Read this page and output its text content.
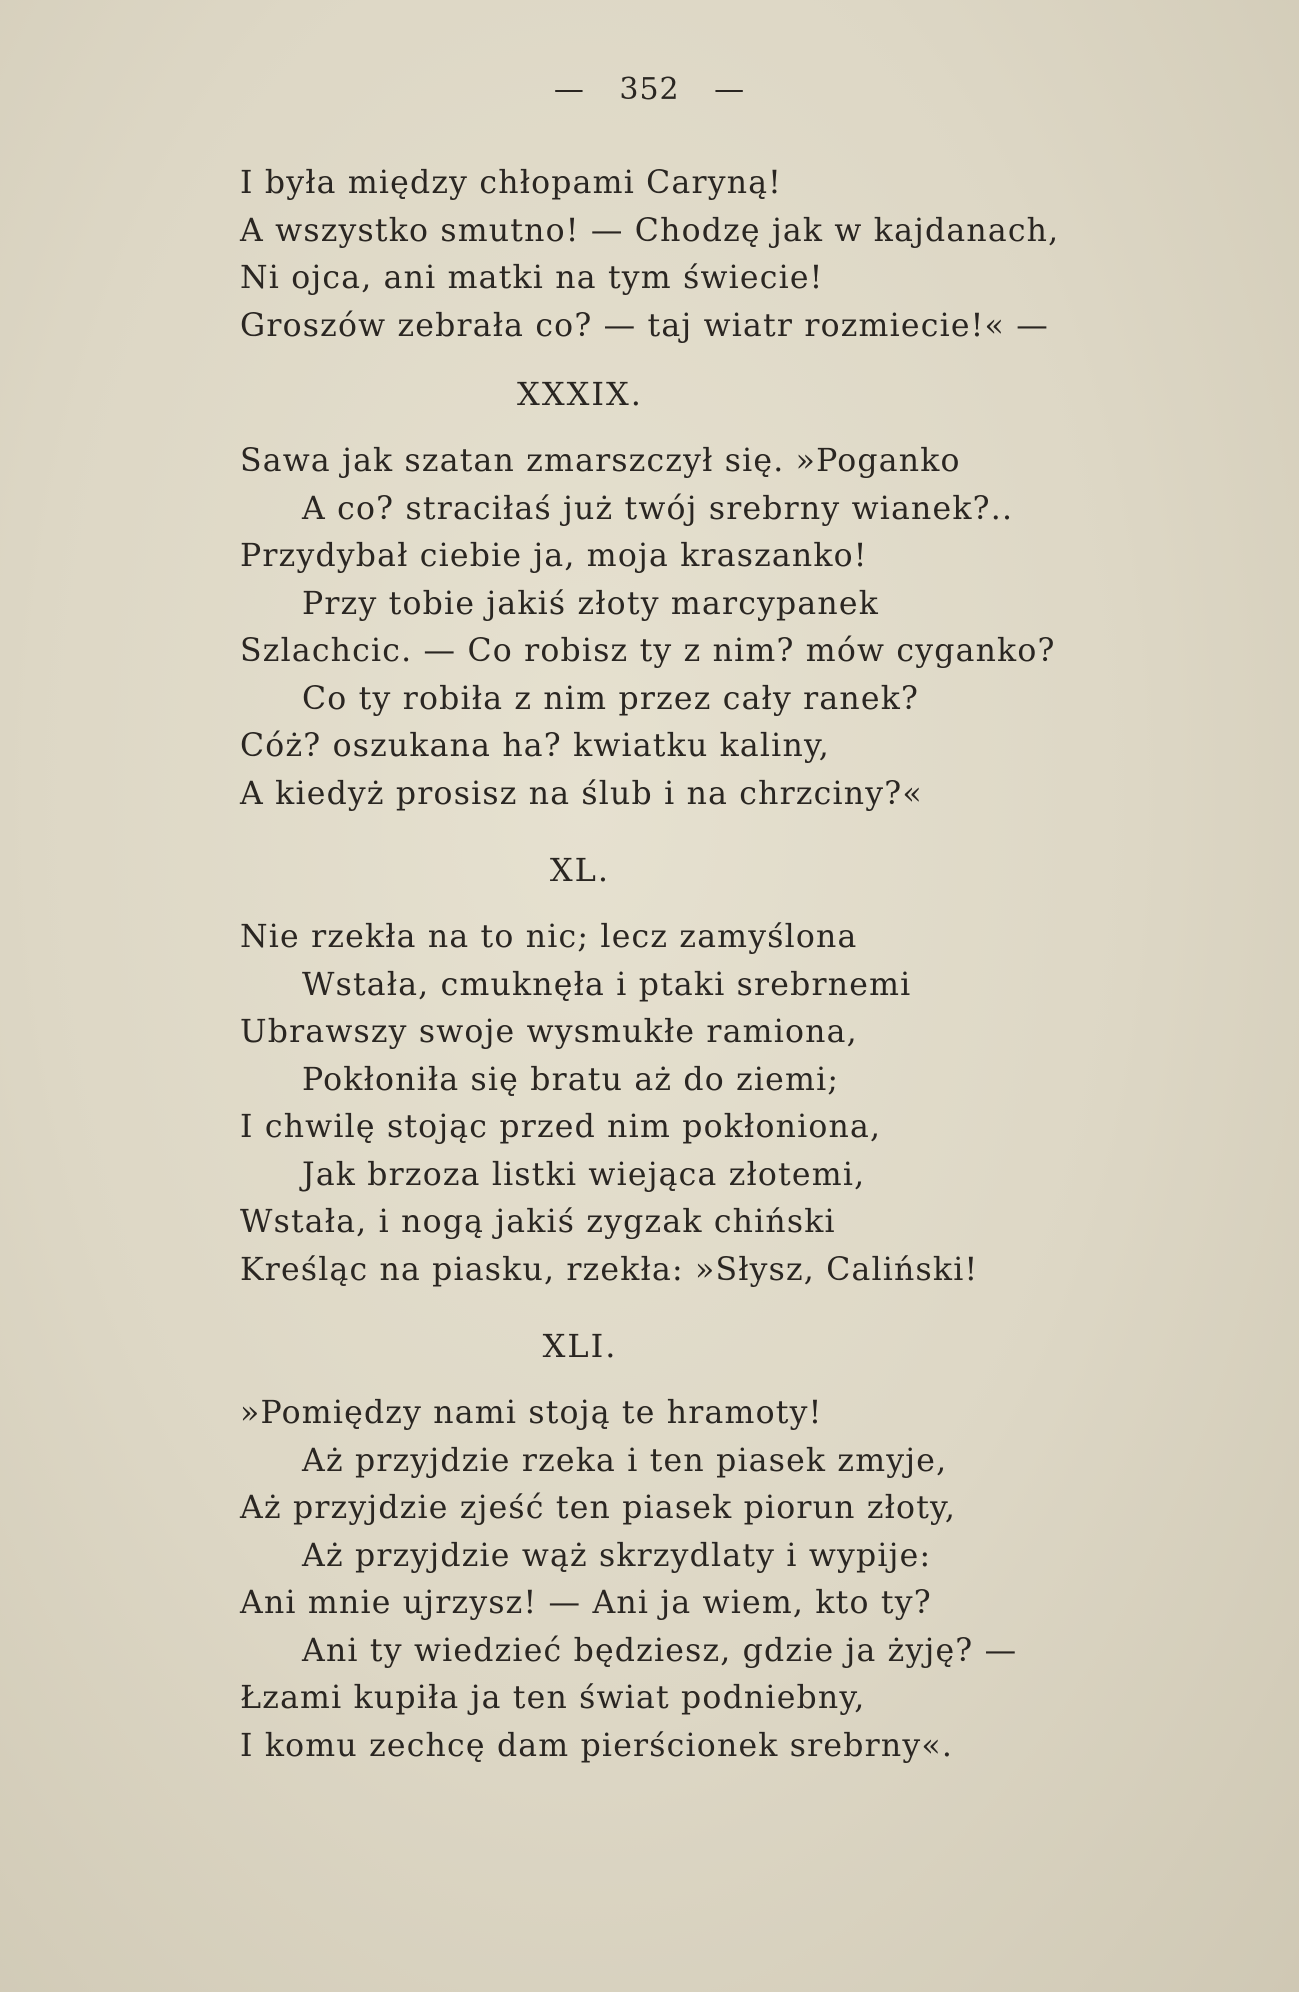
— 352 —
I była między chłopami Caryną!
A wszystko smutno! — Chodzę jak w kajdanach,
Ni ojca, ani matki na tym świecie!
Groszów zebrała co? — taj wiatr rozmiecie!« —
XXXIX.
Sawa jak szatan zmarszczył się. »Poganko
A co? straciłaś już twój srebrny wianek?..
Przydybał ciebie ja, moja kraszanko!
Przy tobie jakiś złoty marcypanek
Szlachcic. — Co robisz ty z nim? mów cyganko?
Co ty robiła z nim przez cały ranek?
Cóż? oszukana ha? kwiatku kaliny,
A kiedyż prosisz na ślub i na chrzciny?«
XL.
Nie rzekła na to nic; lecz zamyślona
Wstała, cmuknęła i ptaki srebrnemi
Ubrawszy swoje wysmukłe ramiona,
Pokłoniła się bratu aż do ziemi;
I chwilę stojąc przed nim pokłoniona,
Jak brzoza listki wiejąca złotemi,
Wstała, i nogą jakiś zygzak chiński
Kreśląc na piasku, rzekła: »Słysz, Caliński!
XLI.
»Pomiędzy nami stoją te hramoty!
Aż przyjdzie rzeka i ten piasek zmyje,
Aż przyjdzie zjeść ten piasek piorun złoty,
Aż przyjdzie wąż skrzydlaty i wypije:
Ani mnie ujrzysz! — Ani ja wiem, kto ty?
Ani ty wiedzieć będziesz, gdzie ja żyję? —
Łzami kupiła ja ten świat podniebny,
I komu zechcę dam pierścionek srebrny«.
